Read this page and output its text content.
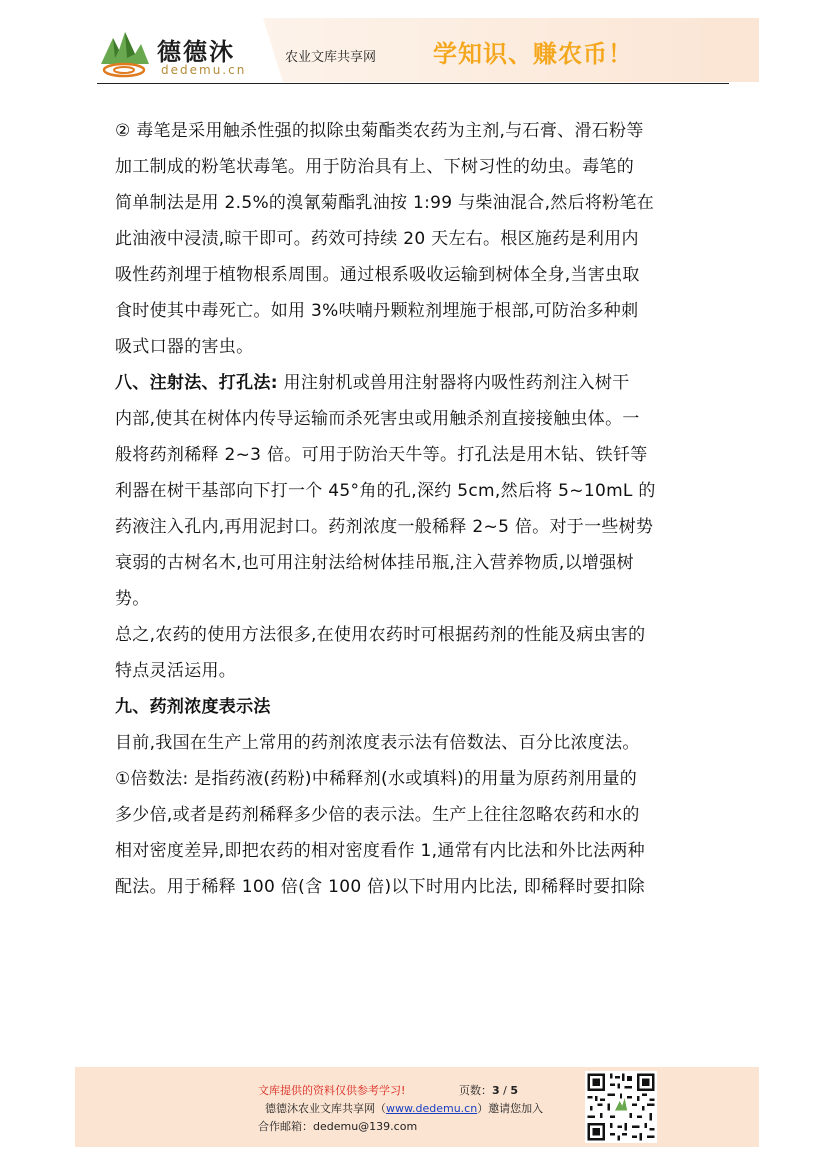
德德沐
dedemu.cn
农业文库共享网 学知识、赚农币！
② 毒笔是采用触杀性强的拟除虫菊酯类农药为主剂,与石膏、滑石粉等
加工制成的粉笔状毒笔。用于防治具有上、下树习性的幼虫。毒笔的
简单制法是用 2.5%的溴氰菊酯乳油按 1:99 与柴油混合,然后将粉笔在
此油液中浸渍,晾干即可。药效可持续 20 天左右。根区施药是利用内
吸性药剂埋于植物根系周围。通过根系吸收运输到树体全身,当害虫取
食时使其中毒死亡。如用 3%呋喃丹颗粒剂埋施于根部,可防治多种刺
吸式口器的害虫。
八、注射法、打孔法: 用注射机或兽用注射器将内吸性药剂注入树干
内部,使其在树体内传导运输而杀死害虫或用触杀剂直接接触虫体。一
般将药剂稀释 2~3 倍。可用于防治天牛等。打孔法是用木钻、铁钎等
利器在树干基部向下打一个 45°角的孔,深约 5cm,然后将 5~10mL 的
药液注入孔内,再用泥封口。药剂浓度一般稀释 2~5 倍。对于一些树势
衰弱的古树名木,也可用注射法给树体挂吊瓶,注入营养物质,以增强树
势。
总之,农药的使用方法很多,在使用农药时可根据药剂的性能及病虫害的
特点灵活运用。
九、药剂浓度表示法
目前,我国在生产上常用的药剂浓度表示法有倍数法、百分比浓度法。
①倍数法: 是指药液(药粉)中稀释剂(水或填料)的用量为原药剂用量的
多少倍,或者是药剂稀释多少倍的表示法。生产上往往忽略农药和水的
相对密度差异,即把农药的相对密度看作 1,通常有内比法和外比法两种
配法。用于稀释 100 倍(含 100 倍)以下时用内比法, 即稀释时要扣除
文库提供的资料仅供参考学习!	页数：3 / 5
德德沐农业文库共享网（www.dedemu.cn）邀请您加入
合作邮箱：dedemu@139.com
